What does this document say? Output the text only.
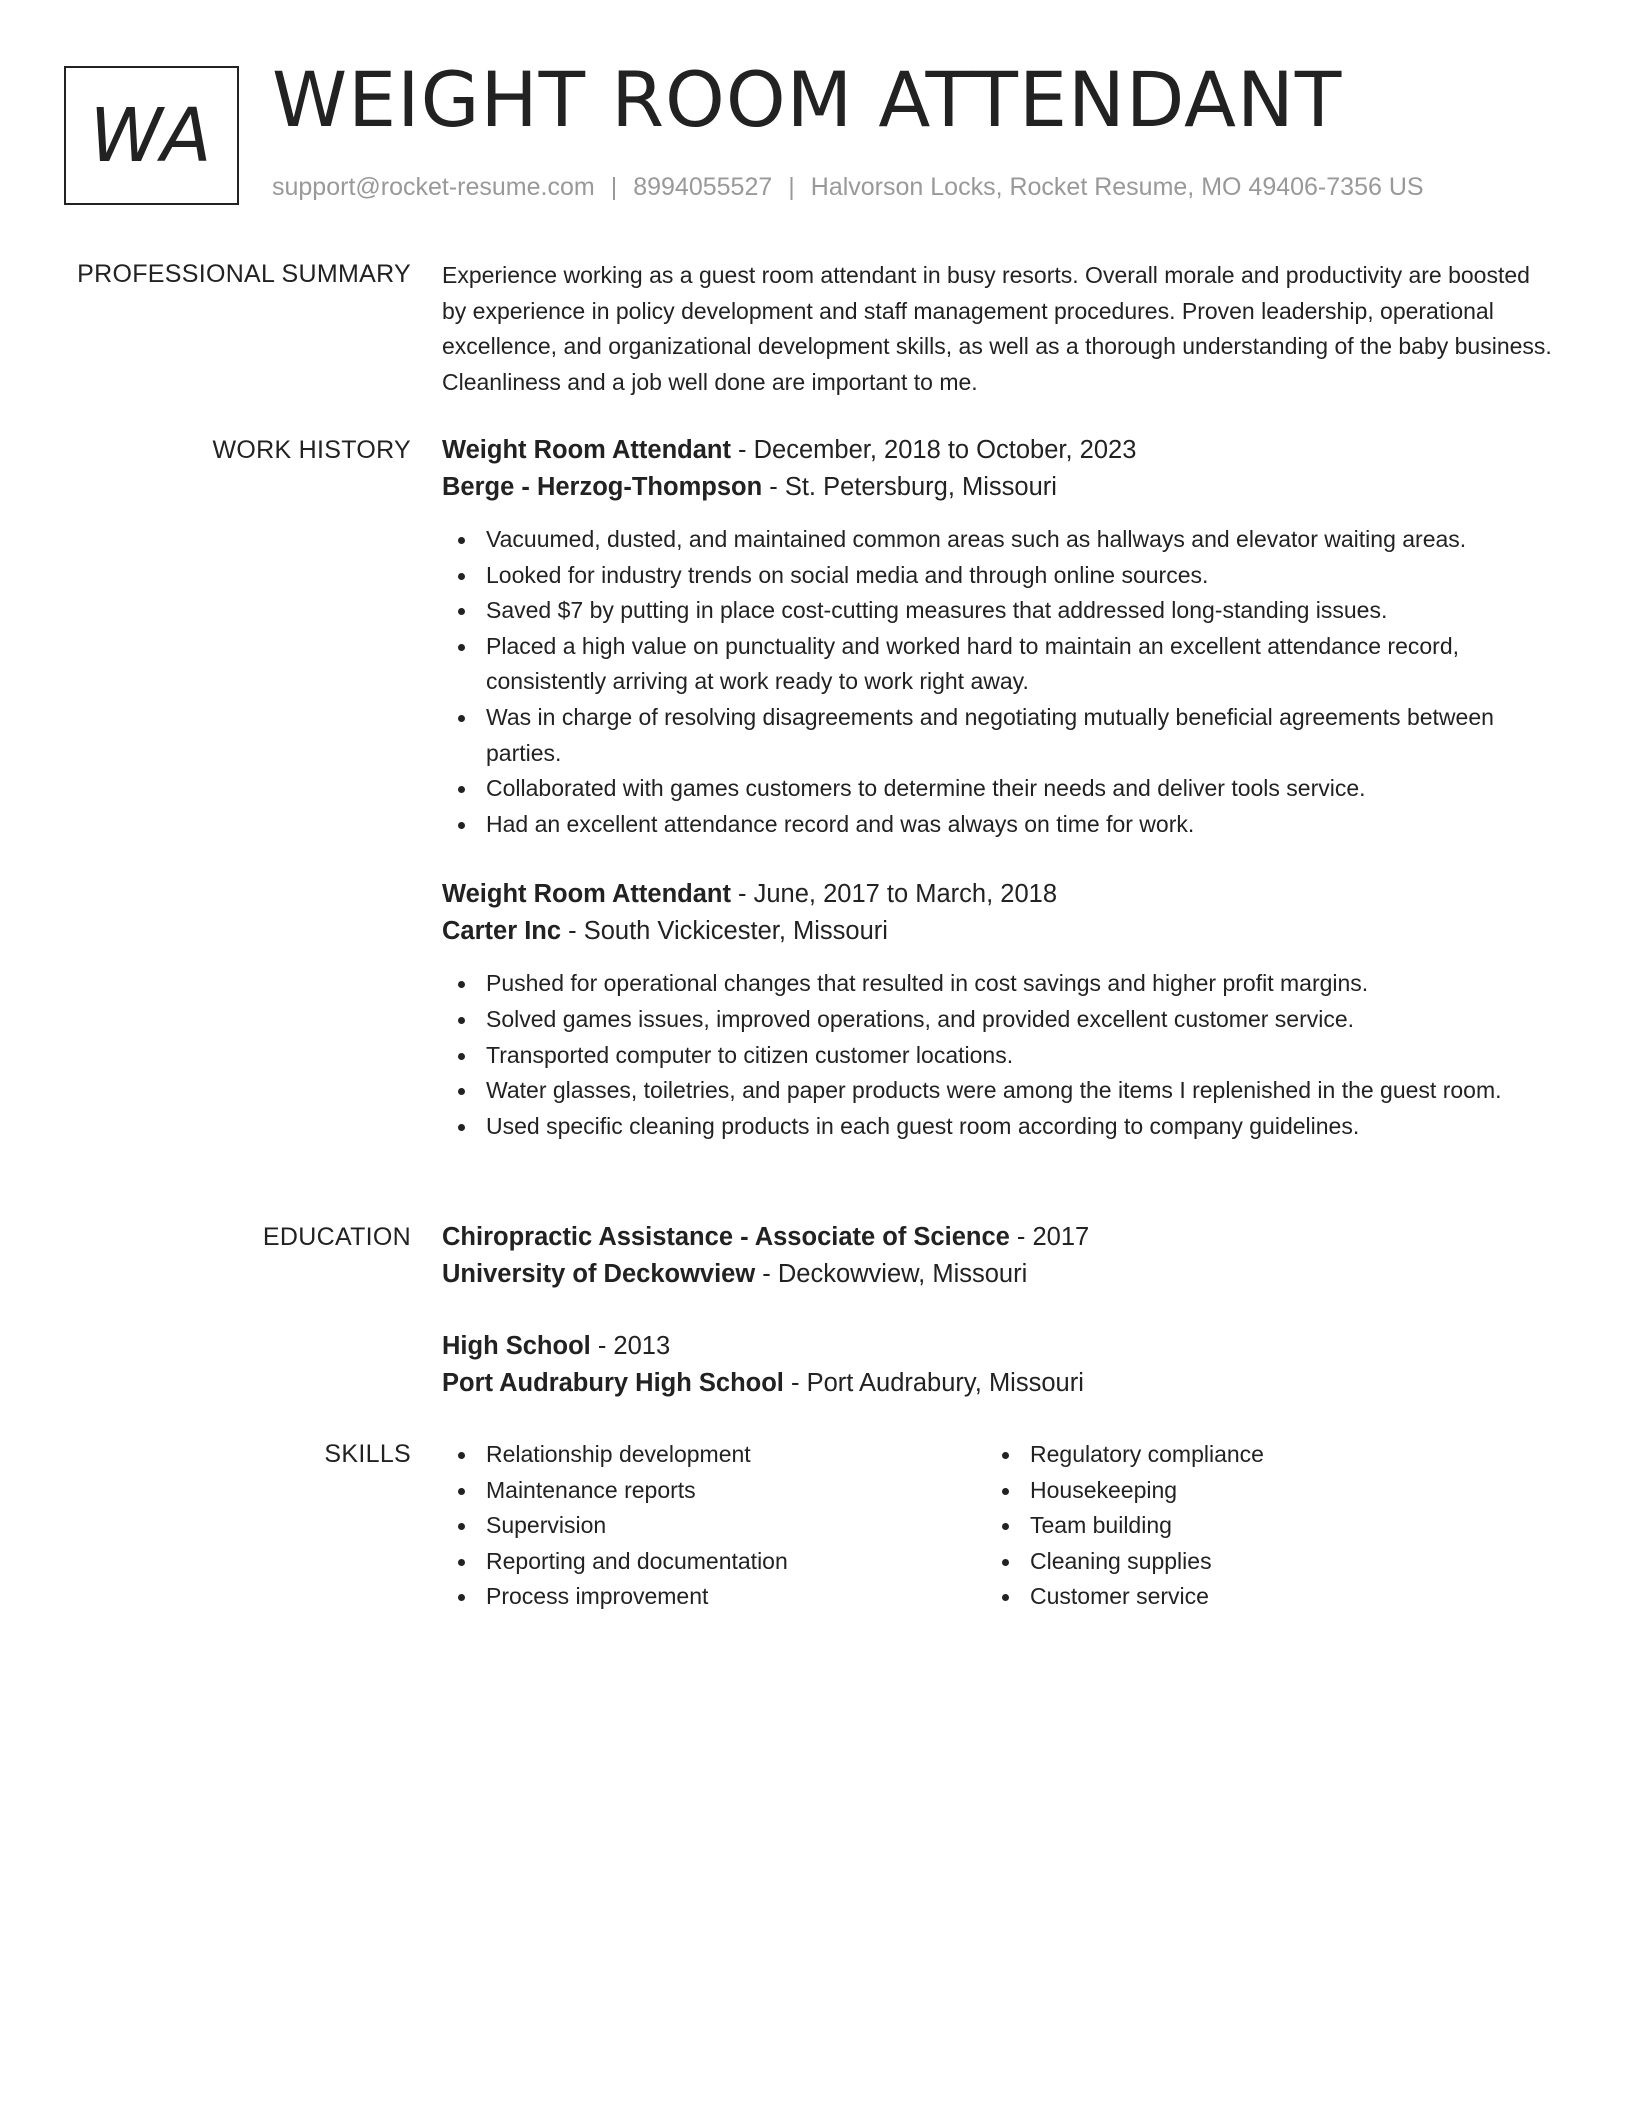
WA WEIGHT ROOM ATTENDANT
support@rocket-resume.com | 8994055527 | Halvorson Locks, Rocket Resume, MO 49406-7356 US
PROFESSIONAL SUMMARY Experience working as a guest room attendant in busy resorts. Overall morale and productivity are boosted by experience in policy development and staff management procedures. Proven leadership, operational excellence, and organizational development skills, as well as a thorough understanding of the baby business. Cleanliness and a job well done are important to me.

WORK HISTORY Weight Room Attendant - December, 2018 to October, 2023

Berge - Herzog-Thompson - St. Petersburg, Missouri

Vacuumed, dusted, and maintained common areas such as hallways and elevator waiting areas.
Looked for industry trends on social media and through online sources.
Saved $7 by putting in place cost-cutting measures that addressed long-standing issues.
Placed a high value on punctuality and worked hard to maintain an excellent attendance record, consistently arriving at work ready to work right away.
Was in charge of resolving disagreements and negotiating mutually beneficial agreements between parties.
Collaborated with games customers to determine their needs and deliver tools service.
Had an excellent attendance record and was always on time for work.

Weight Room Attendant - June, 2017 to March, 2018

Carter Inc - South Vickicester, Missouri

Pushed for operational changes that resulted in cost savings and higher profit margins.
Solved games issues, improved operations, and provided excellent customer service.
Transported computer to citizen customer locations.
Water glasses, toiletries, and paper products were among the items I replenished in the guest room.
Used specific cleaning products in each guest room according to company guidelines.
EDUCATION Chiropractic Assistance - Associate of Science - 2017

University of Deckowview - Deckowview, Missouri

High School - 2013

Port Audrabury High School - Port Audrabury, Missouri

SKILLS	Relationship development
Maintenance reports
Supervision
Reporting and documentation
Process improvement
Regulatory compliance
Housekeeping
Team building
Cleaning supplies
Customer service
